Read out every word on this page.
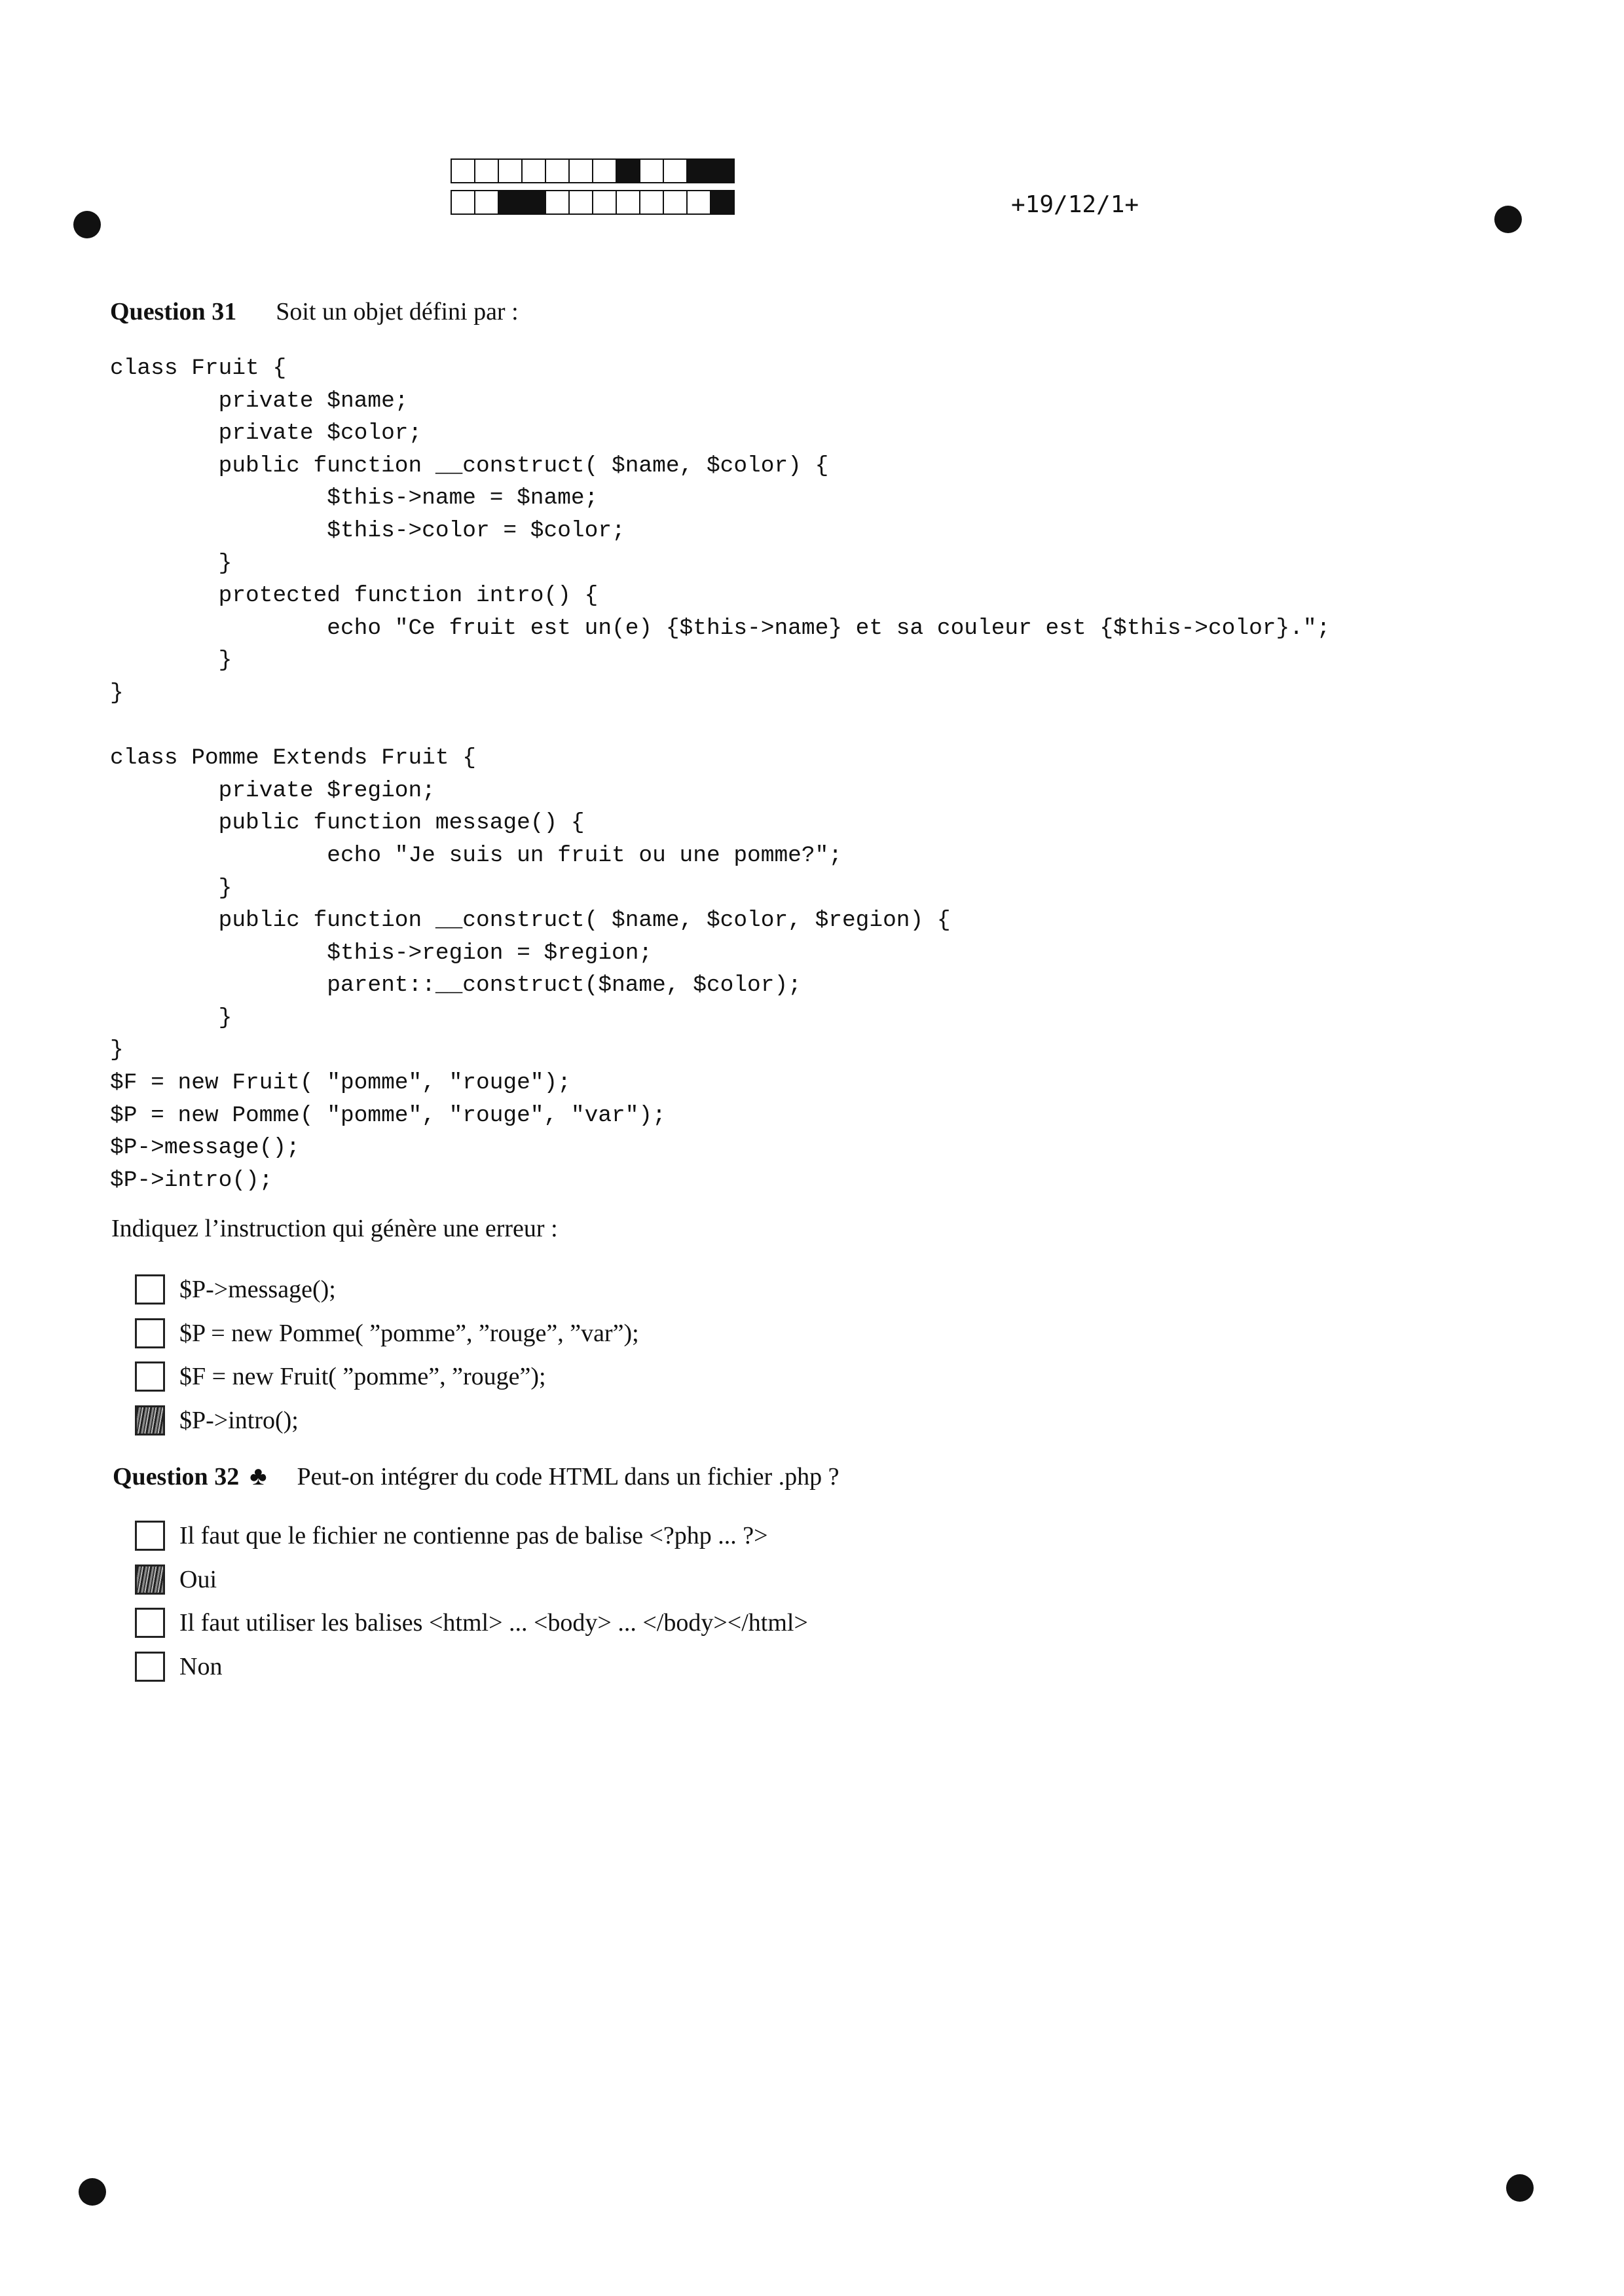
+19/12/1+
Question 31 Soit un objet défini par :
class Fruit {
private $name;
private $color;
public function __construct( $name, $color) {
$this->name = $name;
$this->color = $color;
}
protected function intro() {
echo "Ce fruit est un(e) {$this->name} et sa couleur est {$this->color}.";
}
}
class Pomme Extends Fruit {
private $region;
public function message() {
echo "Je suis un fruit ou une pomme?";
}
public function __construct( $name, $color, $region) {
$this->region = $region;
parent::__construct($name, $color);
}
}
$F = new Fruit( "pomme", "rouge");
$P = new Pomme( "pomme", "rouge", "var");
$P->message();
$P->intro();
Indiquez l’instruction qui génère une erreur :
$P->message();
$P = new Pomme( ”pomme”, ”rouge”, ”var”);
$F = new Fruit( ”pomme”, ”rouge”);
$P->intro();
Question 32 ♣ Peut-on intégrer du code HTML dans un fichier .php ?
Il faut que le fichier ne contienne pas de balise <?php ... ?>
Oui
Il faut utiliser les balises <html> ... <body> ... </body></html>
Non
